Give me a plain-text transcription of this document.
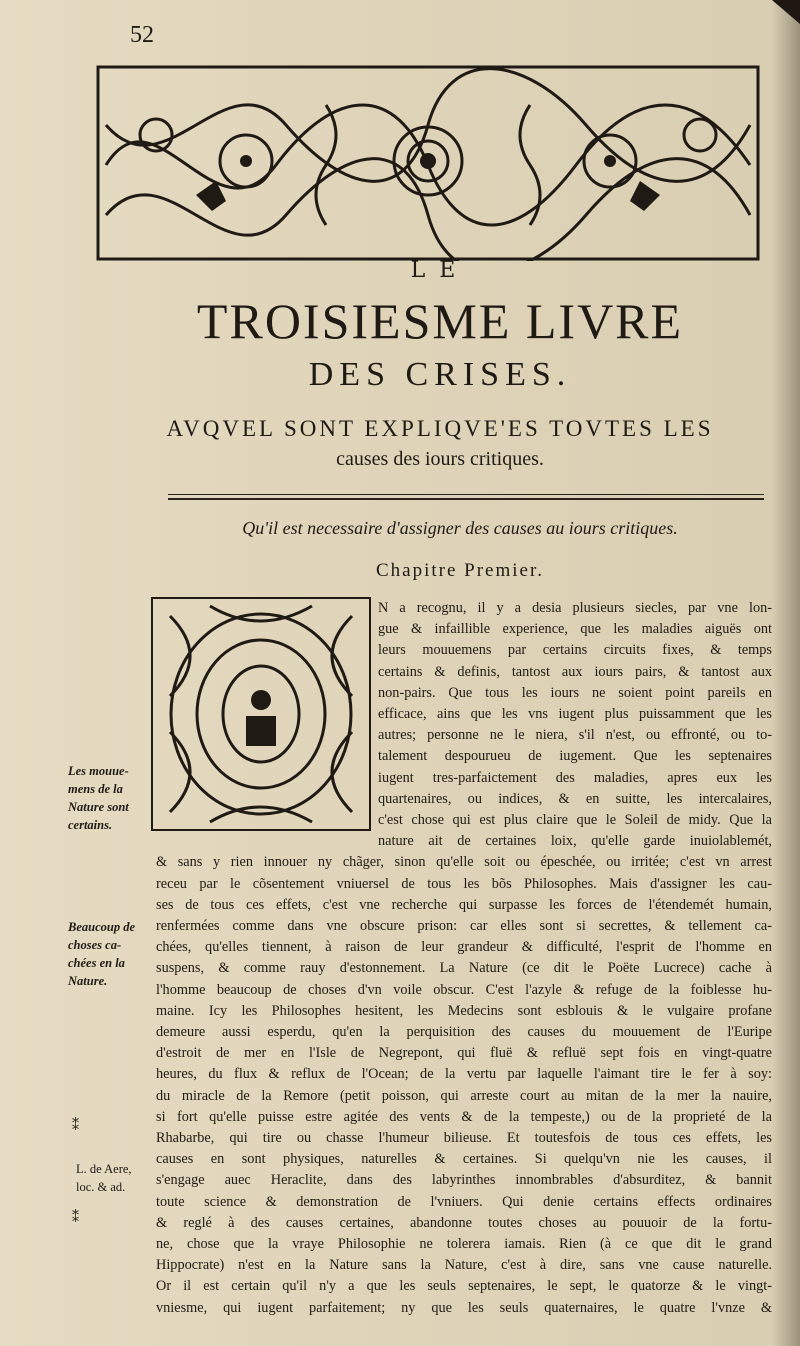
52
LE
TROISIESME LIVRE
DES CRISES.
AVQVEL SONT EXPLIQVE'ES TOVTES LES
causes des iours critiques.
Qu'il est necessaire d'assigner des causes au iours critiques.
Chapitre Premier.
Les mouue-
mens de la
Nature sont
certains.
Beaucoup de
choses ca-
chées en la
Nature.
L. de Aere,
loc. & ad.
⁑
⁑
N a recognu, il y a desia plusieurs siecles, par vne lon-
gue & infaillible experience, que les maladies aiguës ont
leurs mouuemens par certains circuits fixes, & temps
certains & definis, tantost aux iours pairs, & tantost aux
non-pairs. Que tous les iours ne soient point pareils en
efficace, ains que les vns iugent plus puissamment que les
autres; personne ne le niera, s'il n'est, ou effronté, ou to-
talement despourueu de iugement. Que les septenaires
iugent tres-parfaictement des maladies, apres eux les
quartenaires, ou indices, & en suitte, les intercalaires,
c'est chose qui est plus claire que le Soleil de midy. Que la
nature ait de certaines loix, qu'elle garde inuiolablemét,
& sans y rien innouer ny chãger, sinon qu'elle soit ou épeschée, ou irritée; c'est vn arrest
receu par le cõsentement vniuersel de tous les bõs Philosophes. Mais d'assigner les cau-
ses de tous ces effets, c'est vne recherche qui surpasse les forces de l'étendemét humain,
renfermées comme dans vne obscure prison: car elles sont si secrettes, & tellement ca-
chées, qu'elles tiennent, à raison de leur grandeur & difficulté, l'esprit de l'homme en
suspens, & comme rauy d'estonnement. La Nature (ce dit le Poëte Lucrece) cache à
l'homme beaucoup de choses d'vn voile obscur. C'est l'azyle & refuge de la foiblesse hu-
maine. Icy les Philosophes hesitent, les Medecins sont esblouis & le vulgaire profane
demeure aussi esperdu, qu'en la perquisition des causes du mouuement de l'Euripe
d'estroit de mer en l'Isle de Negrepont, qui fluë & refluë sept fois en vingt-quatre
heures, du flux & reflux de l'Ocean; de la vertu par laquelle l'aimant tire le fer à soy:
du miracle de la Remore (petit poisson, qui arreste court au mitan de la mer la nauire,
si fort qu'elle puisse estre agitée des vents & de la tempeste,) ou de la proprieté de la
Rhabarbe, qui tire ou chasse l'humeur bilieuse. Et toutesfois de tous ces effets, les
causes en sont physiques, naturelles & certaines. Si quelqu'vn nie les causes, il
s'engage auec Heraclite, dans des labyrinthes innombrables d'absurditez, & bannit
toute science & demonstration de l'vniuers. Qui denie certains effects ordinaires
& reglé à des causes certaines, abandonne toutes choses au pouuoir de la fortu-
ne, chose que la vraye Philosophie ne tolerera iamais. Rien (à ce que dit le grand
Hippocrate) n'est en la Nature sans la Nature, c'est à dire, sans vne cause naturelle.
Or il est certain qu'il n'y a que les seuls septenaires, le sept, le quatorze & le vingt-
vniesme, qui iugent parfaitement; ny que les seuls quaternaires, le quatre l'vnze &
